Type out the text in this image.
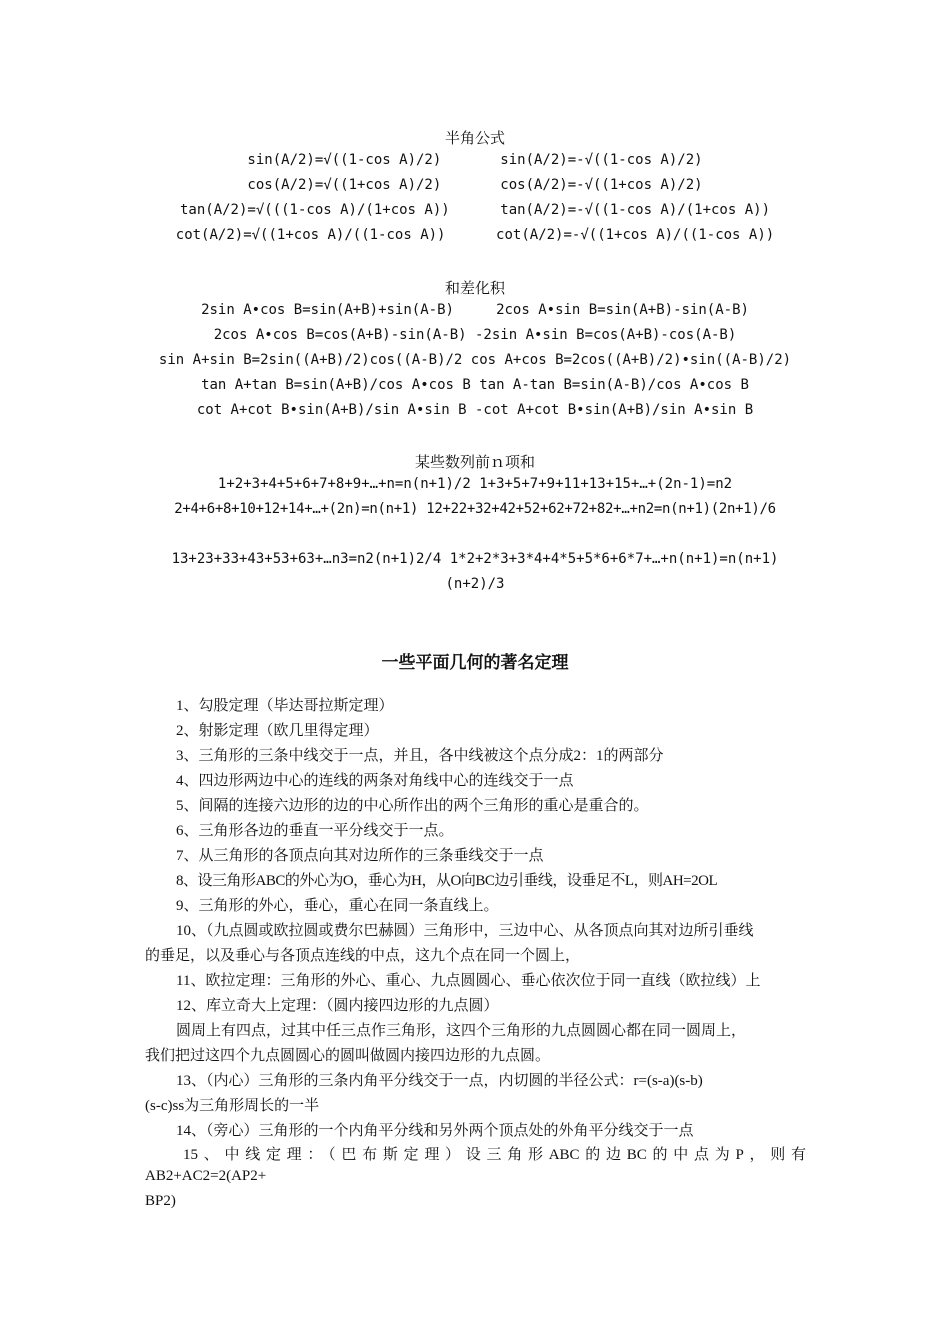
半角公式
sin(A/2)=√((1-cos A)/2)       sin(A/2)=-√((1-cos A)/2)
cos(A/2)=√((1+cos A)/2)       cos(A/2)=-√((1+cos A)/2)
tan(A/2)=√(((1-cos A)/(1+cos A))      tan(A/2)=-√((1-cos A)/(1+cos A))
cot(A/2)=√((1+cos A)/((1-cos A))      cot(A/2)=-√((1+cos A)/((1-cos A))
和差化积
2sin A•cos B=sin(A+B)+sin(A-B)     2cos A•sin B=sin(A+B)-sin(A-B)
2cos A•cos B=cos(A+B)-sin(A-B) -2sin A•sin B=cos(A+B)-cos(A-B)
sin A+sin B=2sin((A+B)/2)cos((A-B)/2 cos A+cos B=2cos((A+B)/2)•sin((A-B)/2)
tan A+tan B=sin(A+B)/cos A•cos B tan A-tan B=sin(A-B)/cos A•cos B
cot A+cot B•sin(A+B)/sin A•sin B -cot A+cot B•sin(A+B)/sin A•sin B
某些数列前ｎ项和
1+2+3+4+5+6+7+8+9+…+n=n(n+1)/2 1+3+5+7+9+11+13+15+…+(2n-1)=n2
2+4+6+8+10+12+14+…+(2n)=n(n+1) 12+22+32+42+52+62+72+82+…+n2=n(n+1)(2n+1)/6
13+23+33+43+53+63+…n3=n2(n+1)2/4 1*2+2*3+3*4+4*5+5*6+6*7+…+n(n+1)=n(n+1)
(n+2)/3
一些平面几何的著名定理
1、勾股定理（毕达哥拉斯定理）
2、射影定理（欧几里得定理）
3、三角形的三条中线交于一点，并且，各中线被这个点分成2：1的两部分
4、四边形两边中心的连线的两条对角线中心的连线交于一点
5、间隔的连接六边形的边的中心所作出的两个三角形的重心是重合的。
6、三角形各边的垂直一平分线交于一点。
7、从三角形的各顶点向其对边所作的三条垂线交于一点
8、设三角形ABC的外心为O，垂心为H，从O向BC边引垂线，设垂足不L，则AH=2OL
9、三角形的外心，垂心，重心在同一条直线上。
10、（九点圆或欧拉圆或费尔巴赫圆）三角形中，三边中心、从各顶点向其对边所引垂线
的垂足，以及垂心与各顶点连线的中点，这九个点在同一个圆上，
11、欧拉定理：三角形的外心、重心、九点圆圆心、垂心依次位于同一直线（欧拉线）上
12、库立奇大上定理：（圆内接四边形的九点圆）
圆周上有四点，过其中任三点作三角形，这四个三角形的九点圆圆心都在同一圆周上，
我们把过这四个九点圆圆心的圆叫做圆内接四边形的九点圆。
13、（内心）三角形的三条内角平分线交于一点，内切圆的半径公式：r=(s-a)(s-b)
(s-c)ss为三角形周长的一半
14、（旁心）三角形的一个内角平分线和另外两个顶点处的外角平分线交于一点
15、中线定理：（巴布斯定理）设三角形ABC的边BC的中点为P，则有
AB2+AC2=2(AP2+
BP2)
